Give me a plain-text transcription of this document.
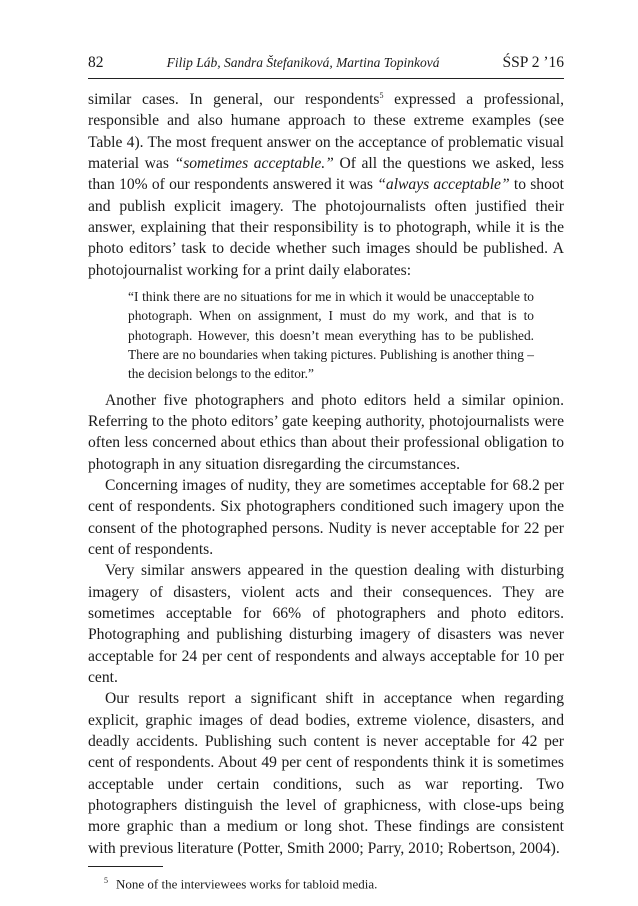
82	Filip Láb, Sandra Štefaniková, Martina Topinková	ŚSP 2 ’16

similar cases. In general, our respondents$^5$ expressed a professional, responsible and also humane approach to these extreme examples (see Table 4). The most frequent answer on the acceptance of problematic visual material was “sometimes acceptable.” Of all the questions we asked, less than 10% of our respondents answered it was “always acceptable” to shoot and publish explicit imagery. The photojournalists often justified their answer, explaining that their responsibility is to photograph, while it is the photo editors’ task to decide whether such images should be published. A photojournalist working for a print daily elaborates:

“I think there are no situations for me in which it would be unacceptable to photograph. When on assignment, I must do my work, and that is to photograph. However, this doesn’t mean everything has to be published. There are no boundaries when taking pictures. Publishing is another thing – the decision belongs to the editor.”

Another five photographers and photo editors held a similar opinion. Referring to the photo editors’ gate keeping authority, photojournalists were often less concerned about ethics than about their professional obligation to photograph in any situation disregarding the circumstances.

Concerning images of nudity, they are sometimes acceptable for 68.2 per cent of respondents. Six photographers conditioned such imagery upon the consent of the photographed persons. Nudity is never acceptable for 22 per cent of respondents.

Very similar answers appeared in the question dealing with disturbing imagery of disasters, violent acts and their consequences. They are sometimes acceptable for 66% of photographers and photo editors. Photographing and publishing disturbing imagery of disasters was never acceptable for 24 per cent of respondents and always acceptable for 10 per cent.

Our results report a significant shift in acceptance when regarding explicit, graphic images of dead bodies, extreme violence, disasters, and deadly accidents. Publishing such content is never acceptable for 42 per cent of respondents. About 49 per cent of respondents think it is sometimes acceptable under certain conditions, such as war reporting. Two photographers distinguish the level of graphicness, with close-ups being more graphic than a medium or long shot. These findings are consistent with previous literature (Potter, Smith 2000; Parry, 2010; Robertson, 2004).

$^5$ None of the interviewees works for tabloid media.
